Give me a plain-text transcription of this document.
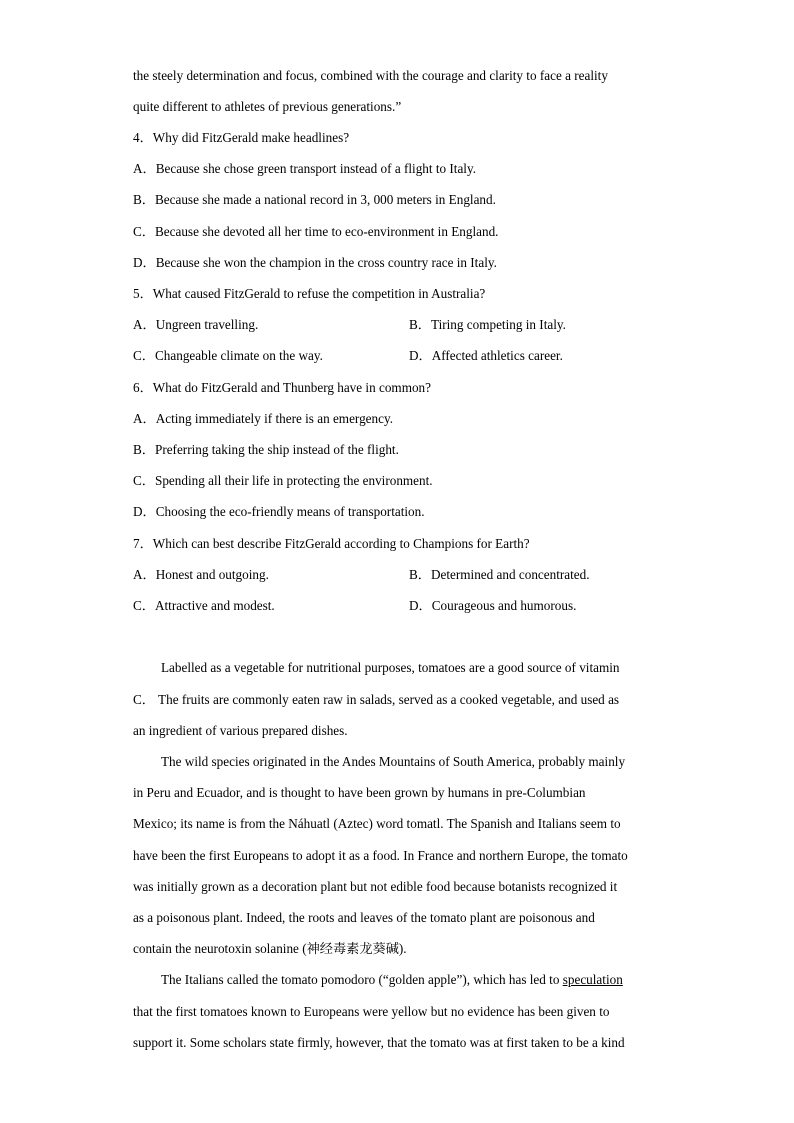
the steely determination and focus, combined with the courage and clarity to face a reality

quite different to athletes of previous generations.”

4．Why did FitzGerald make headlines?

A．Because she chose green transport instead of a flight to Italy.

B．Because she made a national record in 3, 000 meters in England.

C．Because she devoted all her time to eco-environment in England.

D．Because she won the champion in the cross country race in Italy.

5．What caused FitzGerald to refuse the competition in Australia?

A．Ungreen travelling.	B．Tiring competing in Italy.

C．Changeable climate on the way.	D．Affected athletics career.

6．What do FitzGerald and Thunberg have in common?

A．Acting immediately if there is an emergency.

B．Preferring taking the ship instead of the flight.

C．Spending all their life in protecting the environment.

D．Choosing the eco-friendly means of transportation.

7．Which can best describe FitzGerald according to Champions for Earth?

A．Honest and outgoing.	B．Determined and concentrated.

C．Attractive and modest.	D．Courageous and humorous.

Labelled as a vegetable for nutritional purposes, tomatoes are a good source of vitamin

C． The fruits are commonly eaten raw in salads, served as a cooked vegetable, and used as

an ingredient of various prepared dishes.

The wild species originated in the Andes Mountains of South America, probably mainly

in Peru and Ecuador, and is thought to have been grown by humans in pre-Columbian

Mexico; its name is from the Náhuatl (Aztec) word tomatl. The Spanish and Italians seem to

have been the first Europeans to adopt it as a food. In France and northern Europe, the tomato

was initially grown as a decoration plant but not edible food because botanists recognized it

as a poisonous plant. Indeed, the roots and leaves of the tomato plant are poisonous and

contain the neurotoxin solanine (神经毒素龙葵碱).

The Italians called the tomato pomodoro (“golden apple”), which has led to speculation

that the first tomatoes known to Europeans were yellow but no evidence has been given to

support it. Some scholars state firmly, however, that the tomato was at first taken to be a kind
